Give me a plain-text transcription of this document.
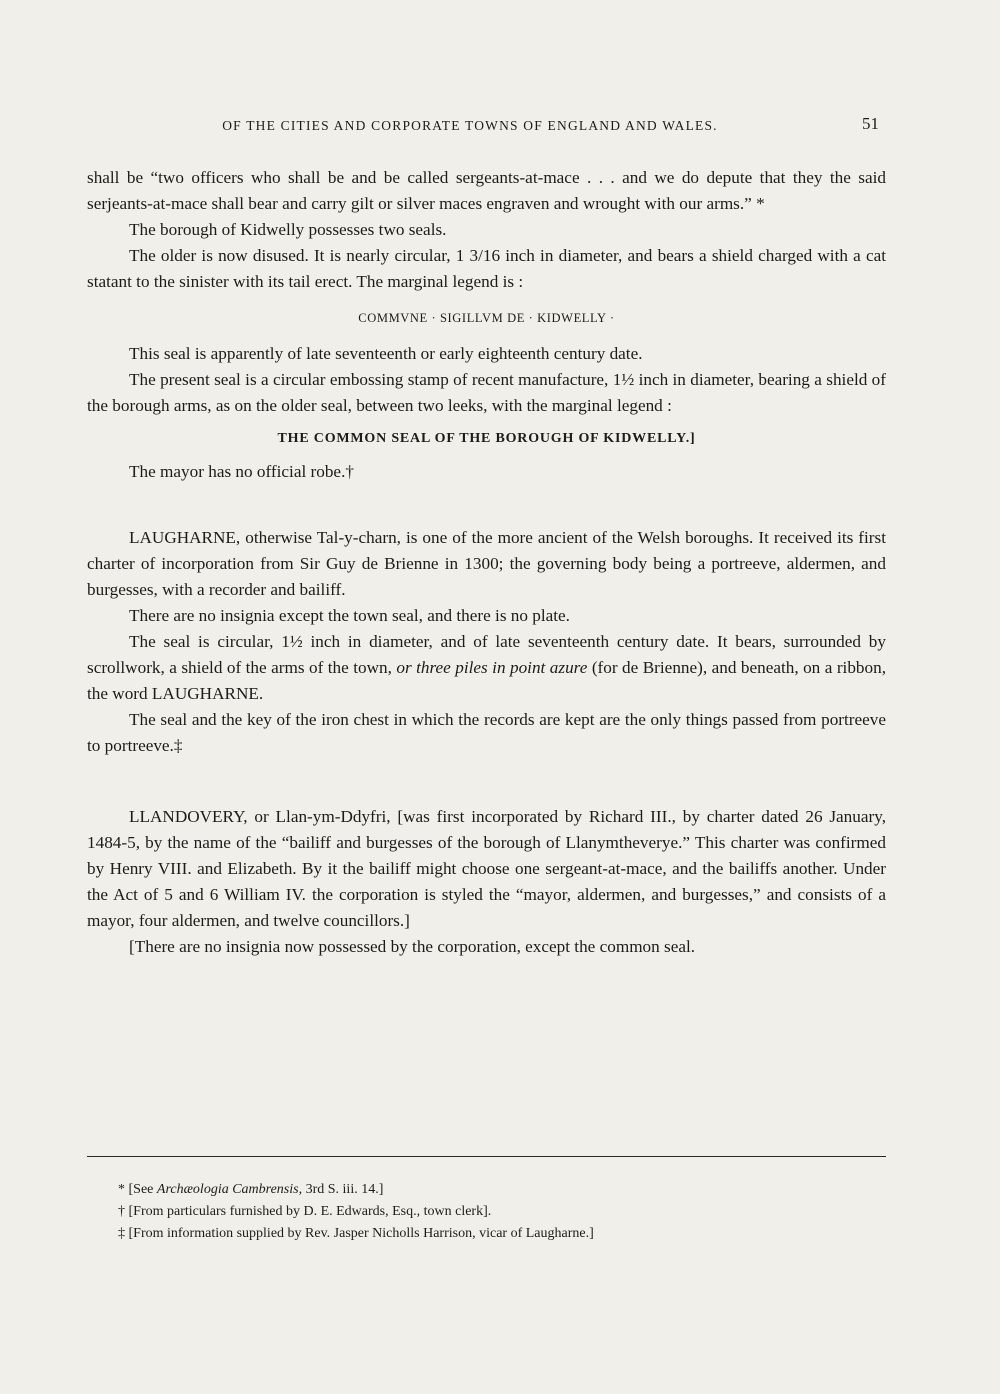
OF THE CITIES AND CORPORATE TOWNS OF ENGLAND AND WALES.	51

shall be “two officers who shall be and be called sergeants-at-mace . . . and we do depute that they the said serjeants-at-mace shall bear and carry gilt or silver maces engraven and wrought with our arms.” *

The borough of Kidwelly possesses two seals.

The older is now disused. It is nearly circular, 1 3/16 inch in diameter, and bears a shield charged with a cat statant to the sinister with its tail erect. The marginal legend is :

COMMVNE · SIGILLVM DE · KIDWELLY ·

This seal is apparently of late seventeenth or early eighteenth century date.

The present seal is a circular embossing stamp of recent manufacture, 1½ inch in diameter, bearing a shield of the borough arms, as on the older seal, between two leeks, with the marginal legend :

THE COMMON SEAL OF THE BOROUGH OF KIDWELLY.]

The mayor has no official robe.†

LAUGHARNE, otherwise Tal-y-charn, is one of the more ancient of the Welsh boroughs. It received its first charter of incorporation from Sir Guy de Brienne in 1300; the governing body being a portreeve, aldermen, and burgesses, with a recorder and bailiff.

There are no insignia except the town seal, and there is no plate.

The seal is circular, 1½ inch in diameter, and of late seventeenth century date. It bears, surrounded by scrollwork, a shield of the arms of the town, or three piles in point azure (for de Brienne), and beneath, on a ribbon, the word LAUGHARNE.

The seal and the key of the iron chest in which the records are kept are the only things passed from portreeve to portreeve.‡

LLANDOVERY, or Llan-ym-Ddyfri, [was first incorporated by Richard III., by charter dated 26 January, 1484-5, by the name of the “bailiff and burgesses of the borough of Llanymtheverye.” This charter was confirmed by Henry VIII. and Elizabeth. By it the bailiff might choose one sergeant-at-mace, and the bailiffs another. Under the Act of 5 and 6 William IV. the corporation is styled the “mayor, aldermen, and burgesses,” and consists of a mayor, four aldermen, and twelve councillors.]

[There are no insignia now possessed by the corporation, except the common seal.

* [See Archæologia Cambrensis, 3rd S. iii. 14.]

† [From particulars furnished by D. E. Edwards, Esq., town clerk].

‡ [From information supplied by Rev. Jasper Nicholls Harrison, vicar of Laugharne.]
